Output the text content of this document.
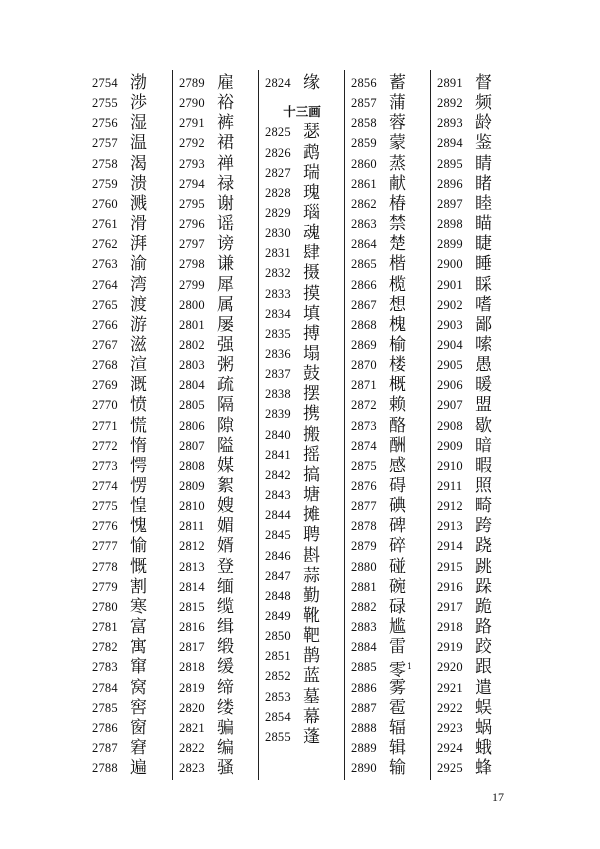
2754 渤
2755 渉
2756 湿
2757 温
2758 渴
2759 溃
2760 溅
2761 滑
2762 湃
2763 渝
2764 湾
2765 渡
2766 游
2767 滋
2768 渲
2769 溉
2770 愤
2771 慌
2772 惰
2773 愕
2774 愣
2775 惶
2776 愧
2777 愉
2778 慨
2779 割
2780 寒
2781 富
2782 寓
2783 窜
2784 窝
2785 窖
2786 窗
2787 窘
2788 遍
2789 雇
2790 裕
2791 裤
2792 裙
2793 禅
2794 禄
2795 谢
2796 谣
2797 谤
2798 谦
2799 犀
2800 属
2801 屡
2802 强
2803 粥
2804 疏
2805 隔
2806 隙
2807 隘
2808 媒
2809 絮
2810 嫂
2811 媚
2812 婿
2813 登
2814 缅
2815 缆
2816 缉
2817 缎
2818 缓
2819 缔
2820 缕
2821 骗
2822 编
2823 骚
2824 缘
十三画
2825 瑟
2826 鹉
2827 瑞
2828 瑰
2829 瑙
2830 魂
2831 肆
2832 摄
2833 摸
2834 填
2835 搏
2836 塌
2837 鼓
2838 摆
2839 携
2840 搬
2841 摇
2842 搞
2843 塘
2844 摊
2845 聘
2846 斟
2847 蒜
2848 勤
2849 靴
2850 靶
2851 鹊
2852 蓝
2853 墓
2854 幕
2855 蓬
2856 蓄
2857 蒲
2858 蓉
2859 蒙
2860 蒸
2861 献
2862 椿
2863 禁
2864 楚
2865 楷
2866 榄
2867 想
2868 槐
2869 榆
2870 楼
2871 概
2872 赖
2873 酪
2874 酬
2875 感
2876 碍
2877 碘
2878 碑
2879 碎
2880 碰
2881 碗
2882 碌
2883 尴
2884 雷
2885 零$^1$
2886 雾
2887 雹
2888 辐
2889 辑
2890 输
2891 督
2892 频
2893 龄
2894 鉴
2895 睛
2896 睹
2897 睦
2898 瞄
2899 睫
2900 睡
2901 睬
2902 嗜
2903 鄙
2904 嗦
2905 愚
2906 暖
2907 盟
2908 歇
2909 暗
2910 暇
2911 照
2912 畸
2913 跨
2914 跷
2915 跳
2916 跺
2917 跪
2918 路
2919 跤
2920 跟
2921 遣
2922 蜈
2923 蜗
2924 蛾
2925 蜂
17
